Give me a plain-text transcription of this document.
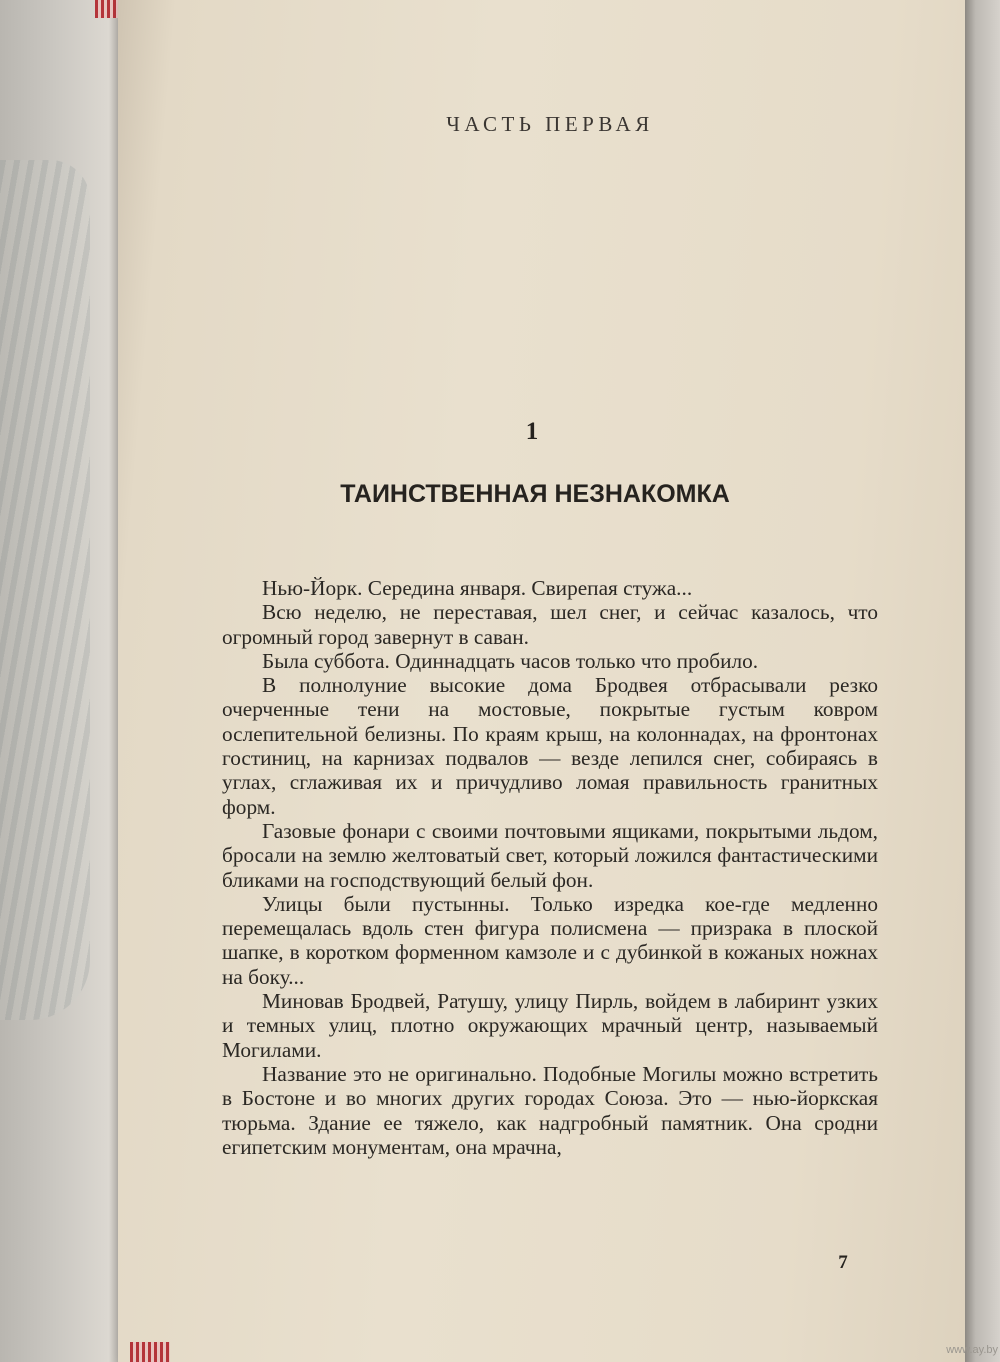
ЧАСТЬ ПЕРВАЯ
1
ТАИНСТВЕННАЯ НЕЗНАКОМКА

Нью-Йорк. Середина января. Свирепая стужа...

Всю неделю, не переставая, шел снег, и сейчас казалось, что огромный город завернут в саван.

Была суббота. Одиннадцать часов только что пробило.

В полнолуние высокие дома Бродвея отбрасывали резко очерченные тени на мостовые, покрытые густым ковром ослепительной белизны. По краям крыш, на колоннадах, на фронтонах гостиниц, на карнизах подвалов — везде лепился снег, собираясь в углах, сглаживая их и причудливо ломая правильность гранитных форм.

Газовые фонари с своими почтовыми ящиками, покрытыми льдом, бросали на землю желтоватый свет, который ложился фантастическими бликами на господствующий белый фон.

Улицы были пустынны. Только изредка кое-где медленно перемещалась вдоль стен фигура полисмена — призрака в плоской шапке, в коротком форменном камзоле и с дубинкой в кожаных ножнах на боку...

Миновав Бродвей, Ратушу, улицу Пирль, войдем в лабиринт узких и темных улиц, плотно окружающих мрачный центр, называемый Могилами.

Название это не оригинально. Подобные Могилы можно встретить в Бостоне и во многих других городах Союза. Это — нью-йоркская тюрьма. Здание ее тяжело, как надгробный памятник. Она сродни египетским монументам, она мрачна,

7
www.ay.by
